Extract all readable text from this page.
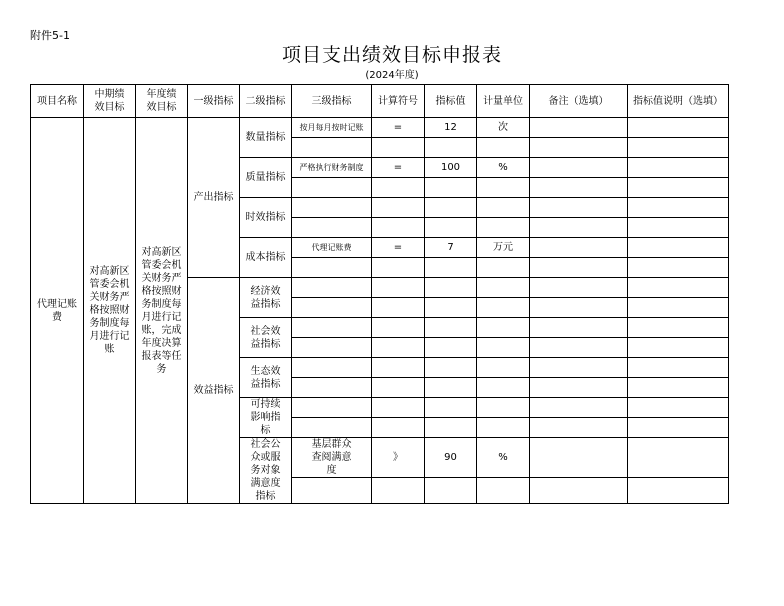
附件5-1
项目支出绩效目标申报表
(2024年度)
项目名称	中期绩效目标	年度绩效目标	一级指标	二级指标	三级指标	计算符号	指标值	计量单位	备注（选填）	指标值说明（选填）
代理记账费	对高新区管委会机关财务严格按照财务制度每月进行记账	对高新区管委会机关财务严格按照财务制度每月进行记账，完成年度决算报表等任务	产出指标	数量指标	按月每月按时记账	=	12	次		

				质量指标	严格执行财务制度	=	100	%		

				时效指标						

				成本指标	代理记账费	=	7	万元		

			效益指标	经济效益指标						

				社会效益指标						

				生态效益指标						

				可持续影响指标						

				社会公众或服务对象满意度指标	基层群众查阅满意度	》	90	%		
